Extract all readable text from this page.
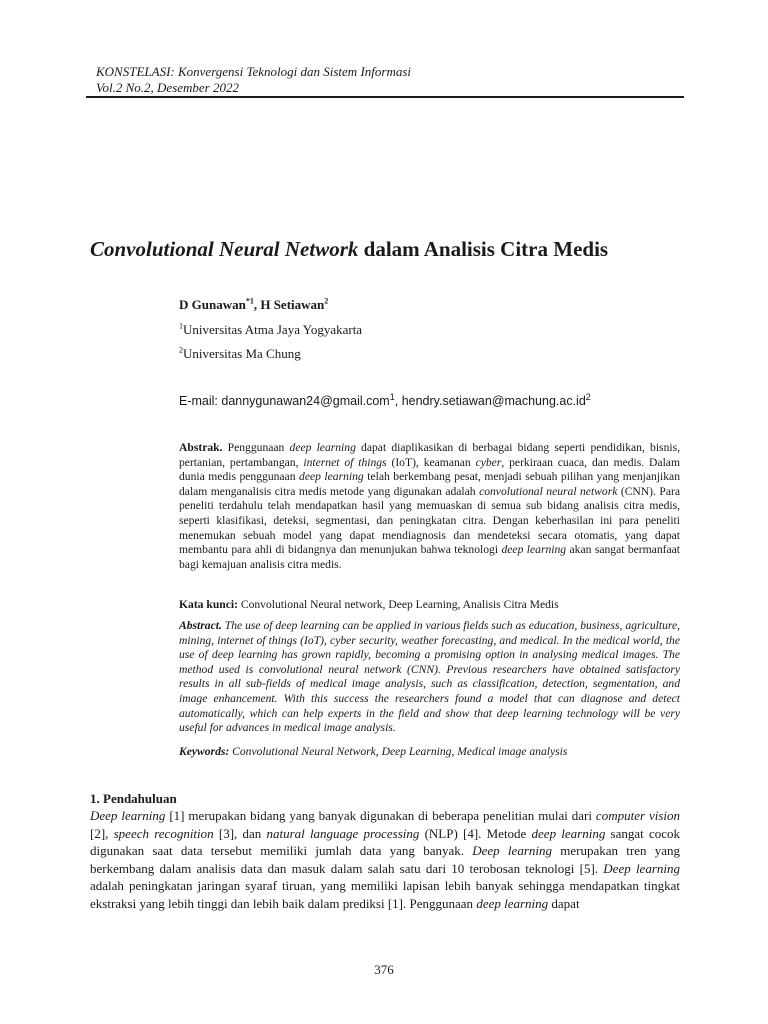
KONSTELASI: Konvergensi Teknologi dan Sistem Informasi
Vol.2 No.2, Desember 2022
Convolutional Neural Network dalam Analisis Citra Medis
D Gunawan$^{*1}$, H Setiawan$^2$
$^1$Universitas Atma Jaya Yogyakarta
$^2$Universitas Ma Chung
E-mail: dannygunawan24@gmail.com$^1$, $hendry.setiawan@machung.ac.id^2$
Abstrak. Penggunaan deep learning dapat diaplikasikan di berbagai bidang seperti pendidikan, bisnis, pertanian, pertambangan, internet of things (IoT), keamanan cyber, perkiraan cuaca, dan medis. Dalam dunia medis penggunaan deep learning telah berkembang pesat, menjadi sebuah pilihan yang menjanjikan dalam menganalisis citra medis metode yang digunakan adalah convolutional neural network (CNN). Para peneliti terdahulu telah mendapatkan hasil yang memuaskan di semua sub bidang analisis citra medis, seperti klasifikasi, deteksi, segmentasi, dan peningkatan citra. Dengan keberhasilan ini para peneliti menemukan sebuah model yang dapat mendiagnosis dan mendeteksi secara otomatis, yang dapat membantu para ahli di bidangnya dan menunjukan bahwa teknologi deep learning akan sangat bermanfaat bagi kemajuan analisis citra medis.
Kata kunci: Convolutional Neural network, Deep Learning, Analisis Citra Medis
Abstract. The use of deep learning can be applied in various fields such as education, business, agriculture, mining, internet of things (IoT), cyber security, weather forecasting, and medical. In the medical world, the use of deep learning has grown rapidly, becoming a promising option in analysing medical images. The method used is convolutional neural network (CNN). Previous researchers have obtained satisfactory results in all sub-fields of medical image analysis, such as classification, detection, segmentation, and image enhancement. With this success the researchers found a model that can diagnose and detect automatically, which can help experts in the field and show that deep learning technology will be very useful for advances in medical image analysis.
Keywords: Convolutional Neural Network, Deep Learning, Medical image analysis
1. Pendahuluan
Deep learning [1] merupakan bidang yang banyak digunakan di beberapa penelitian mulai dari computer vision [2], speech recognition [3], dan natural language processing (NLP) [4]. Metode deep learning sangat cocok digunakan saat data tersebut memiliki jumlah data yang banyak. Deep learning merupakan tren yang berkembang dalam analisis data dan masuk dalam salah satu dari 10 terobosan teknologi [5]. Deep learning adalah peningkatan jaringan syaraf tiruan, yang memiliki lapisan lebih banyak sehingga mendapatkan tingkat ekstraksi yang lebih tinggi dan lebih baik dalam prediksi [1]. Penggunaan deep learning dapat
376
